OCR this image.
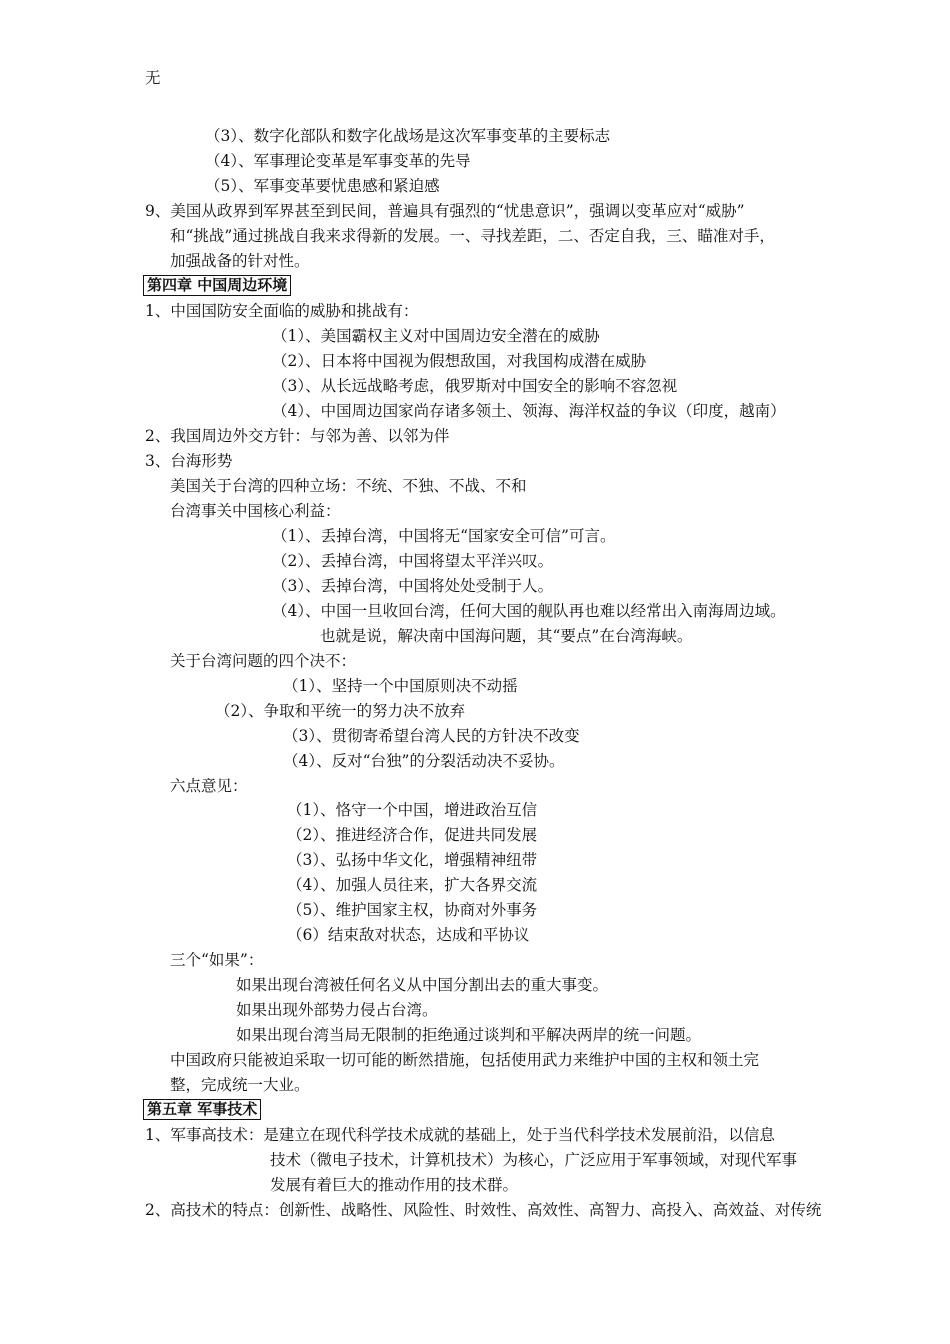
无
（3）、数字化部队和数字化战场是这次军事变革的主要标志
（4）、军事理论变革是军事变革的先导
（5）、军事变革要忧患感和紧迫感
9、美国从政界到军界甚至到民间，普遍具有强烈的“忧患意识”，强调以变革应对“威胁”
和“挑战”通过挑战自我来求得新的发展。一、寻找差距，二、否定自我，三、瞄准对手，
加强战备的针对性。
第四章 中国周边环境
1、中国国防安全面临的威胁和挑战有：
（1）、美国霸权主义对中国周边安全潜在的威胁
（2）、日本将中国视为假想敌国，对我国构成潜在威胁
（3）、从长远战略考虑，俄罗斯对中国安全的影响不容忽视
（4）、中国周边国家尚存诸多领土、领海、海洋权益的争议（印度，越南）
2、我国周边外交方针：与邻为善、以邻为伴
3、台海形势
美国关于台湾的四种立场：不统、不独、不战、不和
台湾事关中国核心利益：
（1）、丢掉台湾，中国将无“国家安全可信”可言。
（2）、丢掉台湾，中国将望太平洋兴叹。
（3）、丢掉台湾，中国将处处受制于人。
（4）、中国一旦收回台湾，任何大国的舰队再也难以经常出入南海周边域。
也就是说，解决南中国海问题，其“要点”在台湾海峡。
关于台湾问题的四个决不：
（1）、坚持一个中国原则决不动摇
（2）、争取和平统一的努力决不放弃
（3）、贯彻寄希望台湾人民的方针决不改变
（4）、反对“台独”的分裂活动决不妥协。
六点意见：
（1）、恪守一个中国，增进政治互信
（2）、推进经济合作，促进共同发展
（3）、弘扬中华文化，增强精神纽带
（4）、加强人员往来，扩大各界交流
（5）、维护国家主权，协商对外事务
（6）结束敌对状态，达成和平协议
三个“如果”：
如果出现台湾被任何名义从中国分割出去的重大事变。
如果出现外部势力侵占台湾。
如果出现台湾当局无限制的拒绝通过谈判和平解决两岸的统一问题。
中国政府只能被迫采取一切可能的断然措施，包括使用武力来维护中国的主权和领土完
整，完成统一大业。
第五章 军事技术
1、军事高技术：是建立在现代科学技术成就的基础上，处于当代科学技术发展前沿，以信息
技术（微电子技术，计算机技术）为核心，广泛应用于军事领域，对现代军事
发展有着巨大的推动作用的技术群。
2、高技术的特点：创新性、战略性、风险性、时效性、高效性、高智力、高投入、高效益、对传统
